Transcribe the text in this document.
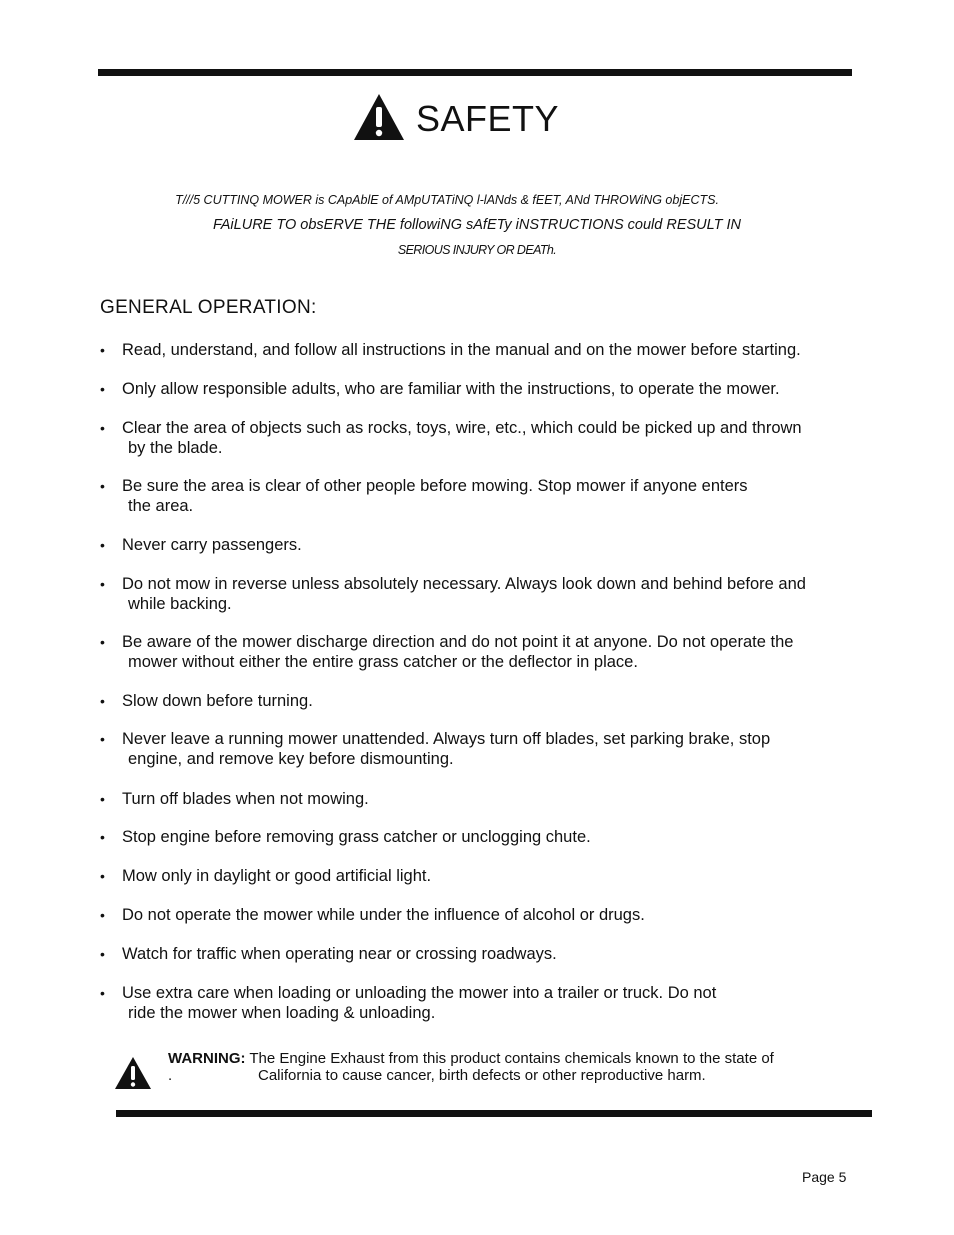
SAFETY
T///5 CUTTINQ MOWER is CApAblE of AMpUTATiNQ l-lANds & fEET, ANd THROWiNG objECTS.
FAiLURE TO obsERVE THE followiNG sAfETy iNSTRUCTIONS could RESULT IN
SERIOUS INJURY OR DEATh.
GENERAL OPERATION:
•	Read, understand, and follow all instructions in the manual and on the mower before starting.
•	Only allow responsible adults, who are familiar with the instructions, to operate the mower.
•	Clear the area of objects such as rocks, toys, wire, etc., which could be picked up and thrown
by the blade.
•	Be sure the area is clear of other people before mowing. Stop mower if anyone enters
the area.
•	Never carry passengers.
•	Do not mow in reverse unless absolutely necessary. Always look down and behind before and
while backing.
•	Be aware of the mower discharge direction and do not point it at anyone. Do not operate the
mower without either the entire grass catcher or the deflector in place.
•	Slow down before turning.
•	Never leave a running mower unattended. Always turn off blades, set parking brake, stop
engine, and remove key before dismounting.
•	Turn off blades when not mowing.
•	Stop engine before removing grass catcher or unclogging chute.
•	Mow only in daylight or good artificial light.
•	Do not operate the mower while under the influence of alcohol or drugs.
•	Watch for traffic when operating near or crossing roadways.
•	Use extra care when loading or unloading the mower into a trailer or truck. Do not
ride the mower when loading & unloading.
WARNING: The Engine Exhaust from this product contains chemicals known to the state of
California to cause cancer, birth defects or other reproductive harm.
.
Page 5
